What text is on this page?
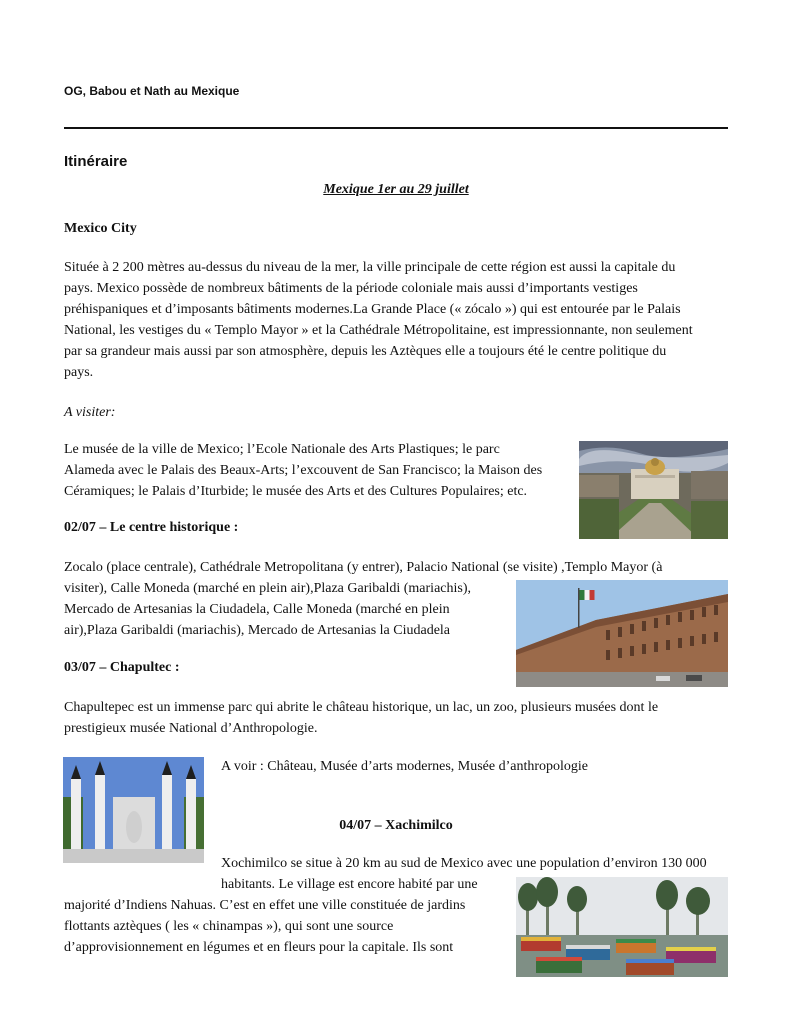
OG, Babou et Nath au Mexique
Itinéraire
Mexique 1er au 29 juillet
Mexico City
Située à 2 200 mètres au-dessus du niveau de la mer, la ville principale de cette région est aussi la capitale du
pays. Mexico possède de nombreux bâtiments de la période coloniale mais aussi d’importants vestiges
préhispaniques et d’imposants bâtiments modernes.La Grande Place (« zócalo ») qui est entourée par le Palais
National, les vestiges du « Templo Mayor » et la Cathédrale Métropolitaine, est impressionnante, non seulement
par sa grandeur mais aussi par son atmosphère, depuis les Aztèques elle a toujours été le centre politique du
pays.
A visiter:
Le musée de la ville de Mexico; l’Ecole Nationale des Arts Plastiques; le parc
Alameda avec le Palais des Beaux-Arts; l’excouvent de San Francisco; la Maison des
Céramiques; le Palais d’Iturbide; le musée des Arts et des Cultures Populaires; etc.
02/07 – Le centre historique :
Zocalo (place centrale), Cathédrale Metropolitana (y entrer), Palacio National (se visite) ,Templo Mayor (à
visiter), Calle Moneda (marché en plein air),Plaza Garibaldi (mariachis),
Mercado de Artesanias la Ciudadela, Calle Moneda (marché en plein
air),Plaza Garibaldi (mariachis), Mercado de Artesanias la Ciudadela
03/07 – Chapultec :
Chapultepec est un immense parc qui abrite le château historique, un lac, un zoo, plusieurs musées dont le
prestigieux musée National d’Anthropologie.
A voir : Château, Musée d’arts modernes, Musée d’anthropologie
04/07 – Xachimilco
Xochimilco se situe à 20 km au sud de Mexico avec une population d’environ 130 000
habitants. Le village est encore habité par une
majorité d’Indiens Nahuas. C’est en effet une ville constituée de jardins
flottants aztèques ( les « chinampas »), qui sont une source
d’approvisionnement en légumes et en fleurs pour la capitale. Ils sont
